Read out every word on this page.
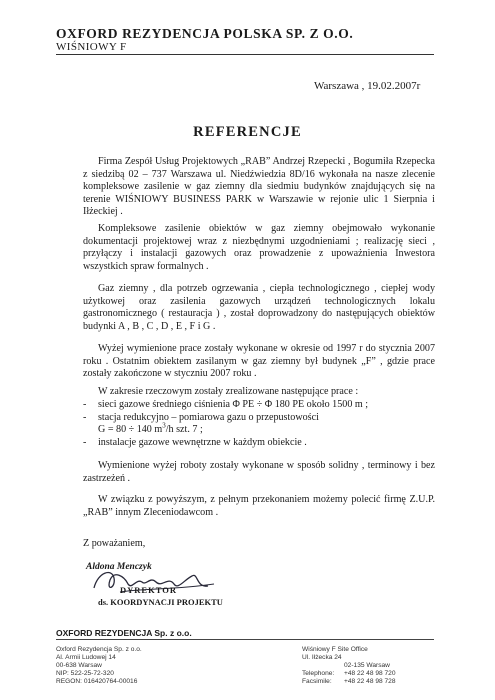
OXFORD REZYDENCJA POLSKA SP. Z O.O.
WIŚNIOWY F
Warszawa , 19.02.2007r
REFERENCJE
Firma Zespół Usług Projektowych „RAB” Andrzej Rzepecki , Bogumiła Rzepecka z siedzibą 02 – 737 Warszawa ul. Niedźwiedzia 8D/16 wykonała na nasze zlecenie kompleksowe zasilenie w gaz ziemny dla siedmiu budynków znajdujących się na terenie WIŚNIOWY BUSINESS PARK w Warszawie w rejonie ulic 1 Sierpnia i Iłżeckiej .
Kompleksowe zasilenie obiektów w gaz ziemny obejmowało wykonanie dokumentacji projektowej wraz z niezbędnymi uzgodnieniami ; realizację sieci , przyłączy i instalacji gazowych oraz prowadzenie z upoważnienia Inwestora wszystkich spraw formalnych .
Gaz ziemny , dla potrzeb ogrzewania , ciepła technologicznego , ciepłej wody użytkowej oraz zasilenia gazowych urządzeń technologicznych lokalu gastronomicznego ( restauracja ) , został doprowadzony do następujących obiektów budynki A , B , C , D , E , F i G .
Wyżej wymienione prace zostały wykonane w okresie od 1997 r do stycznia 2007 roku . Ostatnim obiektem zasilanym w gaz ziemny był budynek „F” , gdzie prace zostały zakończone w styczniu 2007 roku .
W zakresie rzeczowym zostały zrealizowane następujące prace :
- sieci gazowe średniego ciśnienia Φ PE ÷ Φ 180 PE około 1500 m ;
- stacja redukcyjno – pomiarowa gazu o przepustowości
G = 80 ÷ 140 $m^3/h$ szt. 7 ;
- instalacje gazowe wewnętrzne w każdym obiekcie .
Wymienione wyżej roboty zostały wykonane w sposób solidny , terminowy i bez zastrzeżeń .
W związku z powyższym, z pełnym przekonaniem możemy polecić firmę Z.U.P. „RAB” innym Zleceniodawcom .
Z poważaniem,
Aldona Menczyk
DYREKTOR
ds. KOORDYNACJI PROJEKTU
OXFORD REZYDENCJA Sp. z o.o.
Oxford Rezydencja Sp. z o.o.
Al. Armii Ludowej 14
00-638 Warsaw
NIP: 522-25-72-320
REGON: 016420764-00016
Wiśniowy F Site Office
Ul. Iłżecka 24
02-135 Warsaw
Telephone: +48 22 48 98 720
Facsimile: +48 22 48 98 728
